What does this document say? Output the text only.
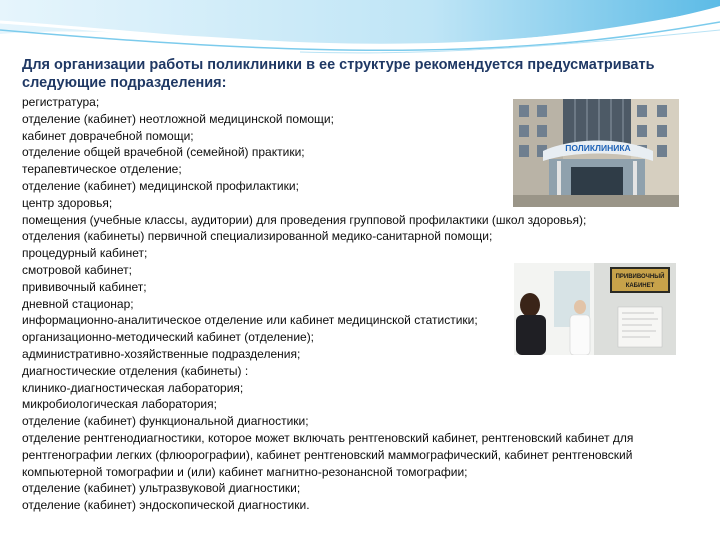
Для организации работы поликлиники в ее структуре рекомендуется предусматривать следующие подразделения:
регистратура;
отделение (кабинет) неотложной медицинской помощи;
кабинет доврачебной помощи;
отделение общей врачебной (семейной) практики;
терапевтическое отделение;
отделение (кабинет) медицинской профилактики;
центр здоровья;
помещения (учебные классы, аудитории) для проведения групповой профилактики (школ здоровья);
отделения (кабинеты) первичной специализированной медико-санитарной помощи;
процедурный кабинет;
смотровой кабинет;
прививочный кабинет;
дневной стационар;
информационно-аналитическое отделение или кабинет медицинской статистики;
организационно-методический кабинет (отделение);
административно-хозяйственные подразделения;
диагностические отделения (кабинеты) :
клинико-диагностическая лаборатория;
микробиологическая лаборатория;
отделение (кабинет) функциональной диагностики;
отделение рентгенодиагностики, которое может включать рентгеновский кабинет, рентгеновский кабинет для рентгенографии легких (флюорографии), кабинет рентгеновский маммографический, кабинет рентгеновский компьютерной томографии и (или) кабинет магнитно-резонансной томографии;
отделение (кабинет) ультразвуковой диагностики;
отделение (кабинет) эндоскопической диагностики.
ПОЛИКЛИНИКА
ПРИВИВОЧНЫЙ
КАБИНЕТ
